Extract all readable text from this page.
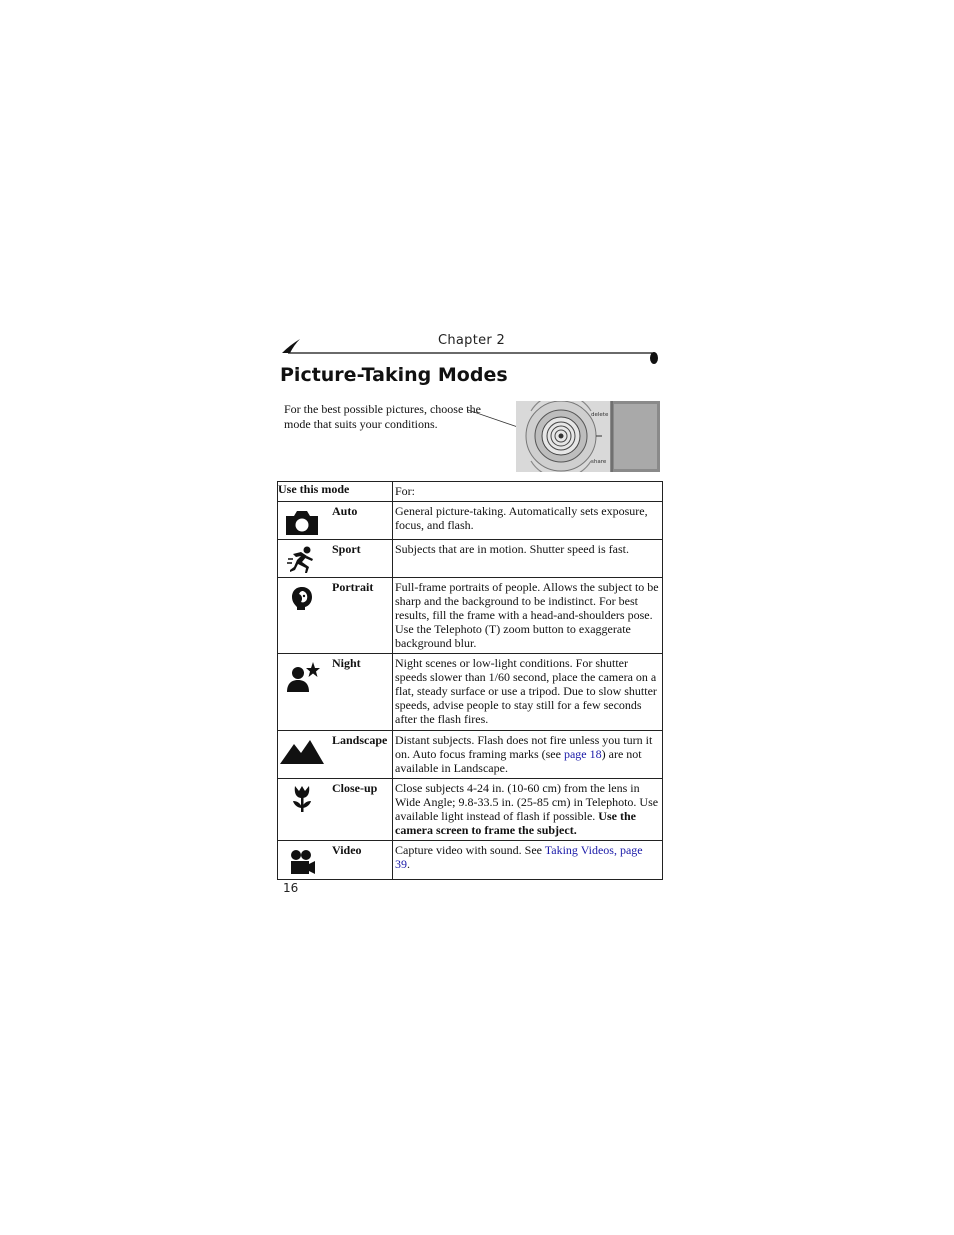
Chapter 2
Picture-Taking Modes
For the best possible pictures, choose the mode that suits your conditions.
delete
share
Use this mode	For:

Auto	General picture-taking. Automatically sets exposure, focus, and flash.

Sport	Subjects that are in motion. Shutter speed is fast.

Portrait	Full-frame portraits of people. Allows the subject to be sharp and the background to be indistinct. For best results, fill the frame with a head-and-shoulders pose. Use the Telephoto (T) zoom button to exaggerate background blur.

Night	Night scenes or low-light conditions. For shutter speeds slower than 1/60 second, place the camera on a flat, steady surface or use a tripod. Due to slow shutter speeds, advise people to stay still for a few seconds after the flash fires.

Landscape	Distant subjects. Flash does not fire unless you turn it on. Auto focus framing marks (see page 18) are not available in Landscape.

Close-up	Close subjects 4-24 in. (10-60 cm) from the lens in Wide Angle; 9.8-33.5 in. (25-85 cm) in Telephoto. Use available light instead of flash if possible. Use the camera screen to frame the subject.

Video	Capture video with sound. See Taking Videos, page 39.
16
